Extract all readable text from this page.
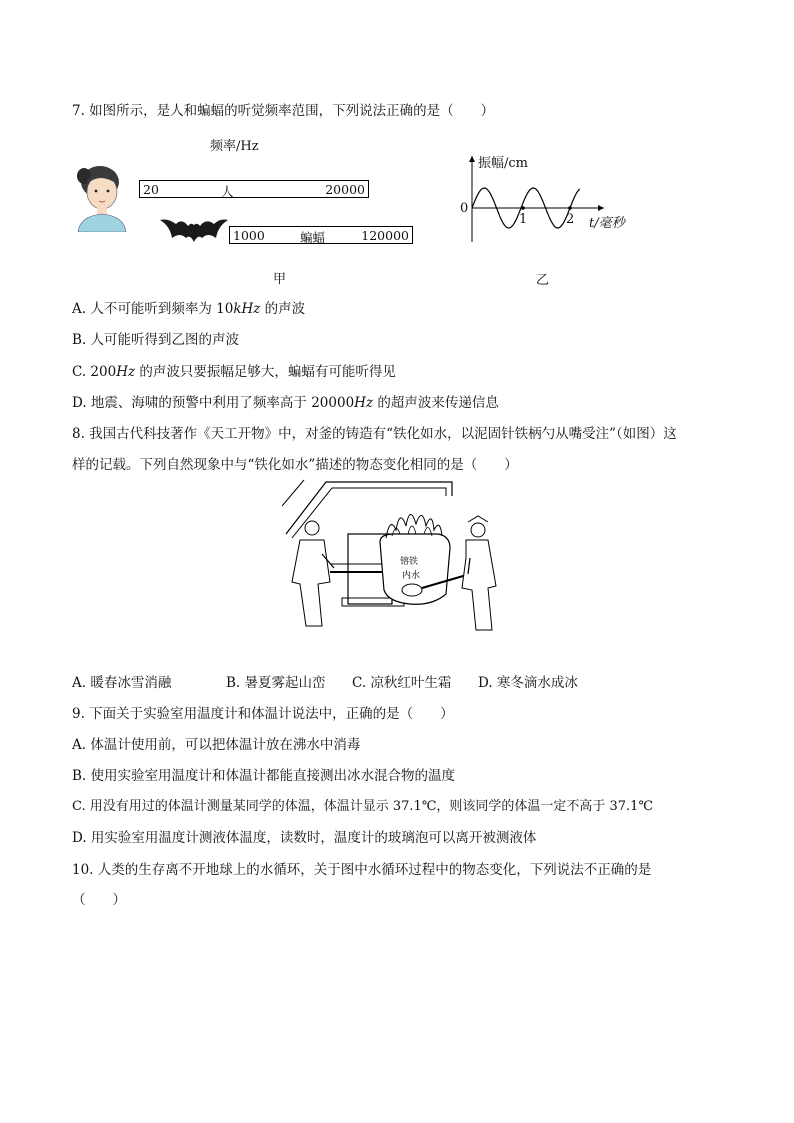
7. 如图所示，是人和蝙蝠的听觉频率范围，下列说法正确的是（　　）
频率/Hz
20	人	20000
1000	蝙蝠	120000
甲
振幅/cm
0
1	2 t/毫秒
乙
A. 人不可能听到频率为 10kHz 的声波
B. 人可能听得到乙图的声波
C. 200Hz 的声波只要振幅足够大，蝙蝠有可能听得见
D. 地震、海啸的预警中利用了频率高于 20000Hz 的超声波来传递信息
8. 我国古代科技著作《天工开物》中，对釜的铸造有“铁化如水，以泥固针铁柄勺从嘴受注”（如图）这
样的记载。下列自然现象中与“铁化如水”描述的物态变化相同的是（　　）
镕铁
内水
A. 暖春冰雪消融	B. 暑夏雾起山峦 C. 凉秋红叶生霜 D. 寒冬滴水成冰
9. 下面关于实验室用温度计和体温计说法中，正确的是（　　）
A. 体温计使用前，可以把体温计放在沸水中消毒
B. 使用实验室用温度计和体温计都能直接测出冰水混合物的温度
C. 用没有用过的体温计测量某同学的体温，体温计显示 37.1℃，则该同学的体温一定不高于 37.1℃
D. 用实验室用温度计测液体温度，读数时，温度计的玻璃泡可以离开被测液体
10. 人类的生存离不开地球上的水循环，关于图中水循环过程中的物态变化，下列说法不正确的是
（　　）
